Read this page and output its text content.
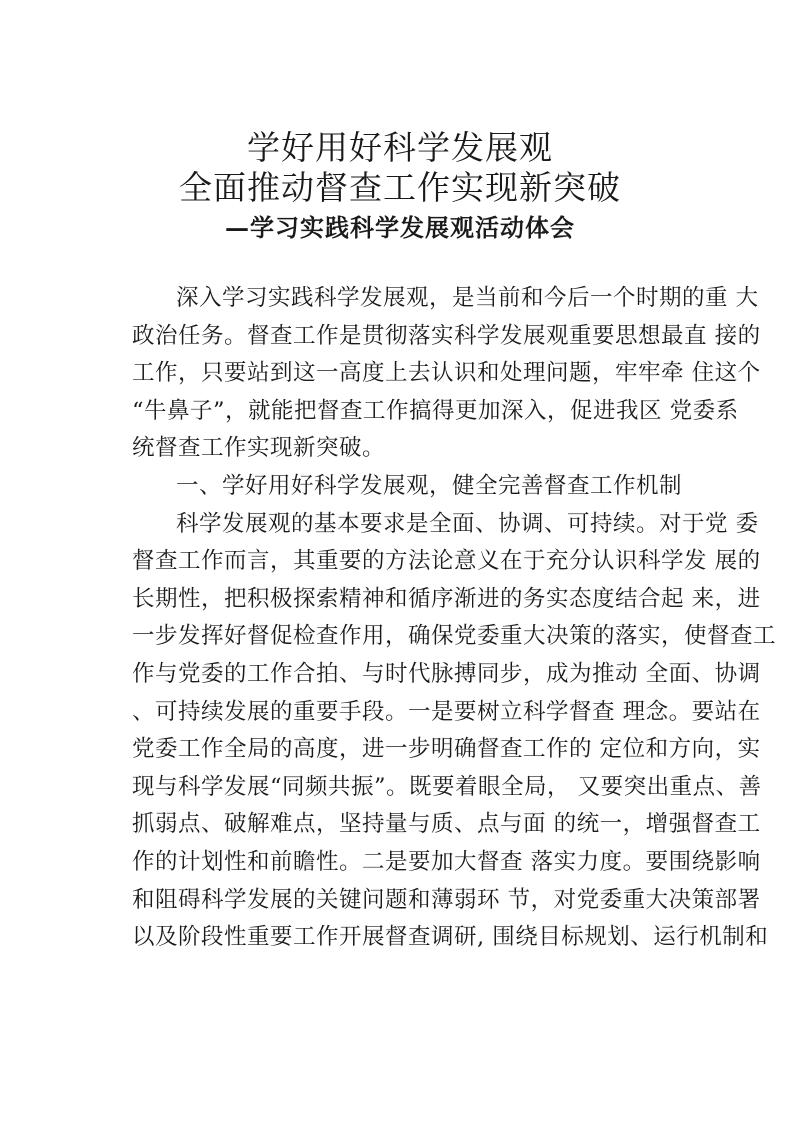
学好用好科学发展观
全面推动督查工作实现新突破
—学习实践科学发展观活动体会

深入学习实践科学发展观，是当前和今后一个时期的重 大

政治任务。督查工作是贯彻落实科学发展观重要思想最直 接的

工作，只要站到这一高度上去认识和处理问题，牢牢牵 住这个

“牛鼻子”，就能把督查工作搞得更加深入，促进我区 党委系

统督查工作实现新突破。

一、学好用好科学发展观，健全完善督查工作机制

科学发展观的基本要求是全面、协调、可持续。对于党 委

督查工作而言，其重要的方法论意义在于充分认识科学发 展的

长期性，把积极探索精神和循序渐进的务实态度结合起 来，进

一步发挥好督促检查作用，确保党委重大决策的落实，使督查工

作与党委的工作合拍、与时代脉搏同步，成为推动 全面、协调

、可持续发展的重要手段。一是要树立科学督查 理念。要站在

党委工作全局的高度，进一步明确督查工作的 定位和方向，实

现与科学发展“同频共振”。既要着眼全局， 又要突出重点、善

抓弱点、破解难点，坚持量与质、点与面 的统一，增强督查工

作的计划性和前瞻性。二是要加大督查 落实力度。要围绕影响

和阻碍科学发展的关键问题和薄弱环 节，对党委重大决策部署

以及阶段性重要工作开展督查调研, 围绕目标规划、运行机制和
